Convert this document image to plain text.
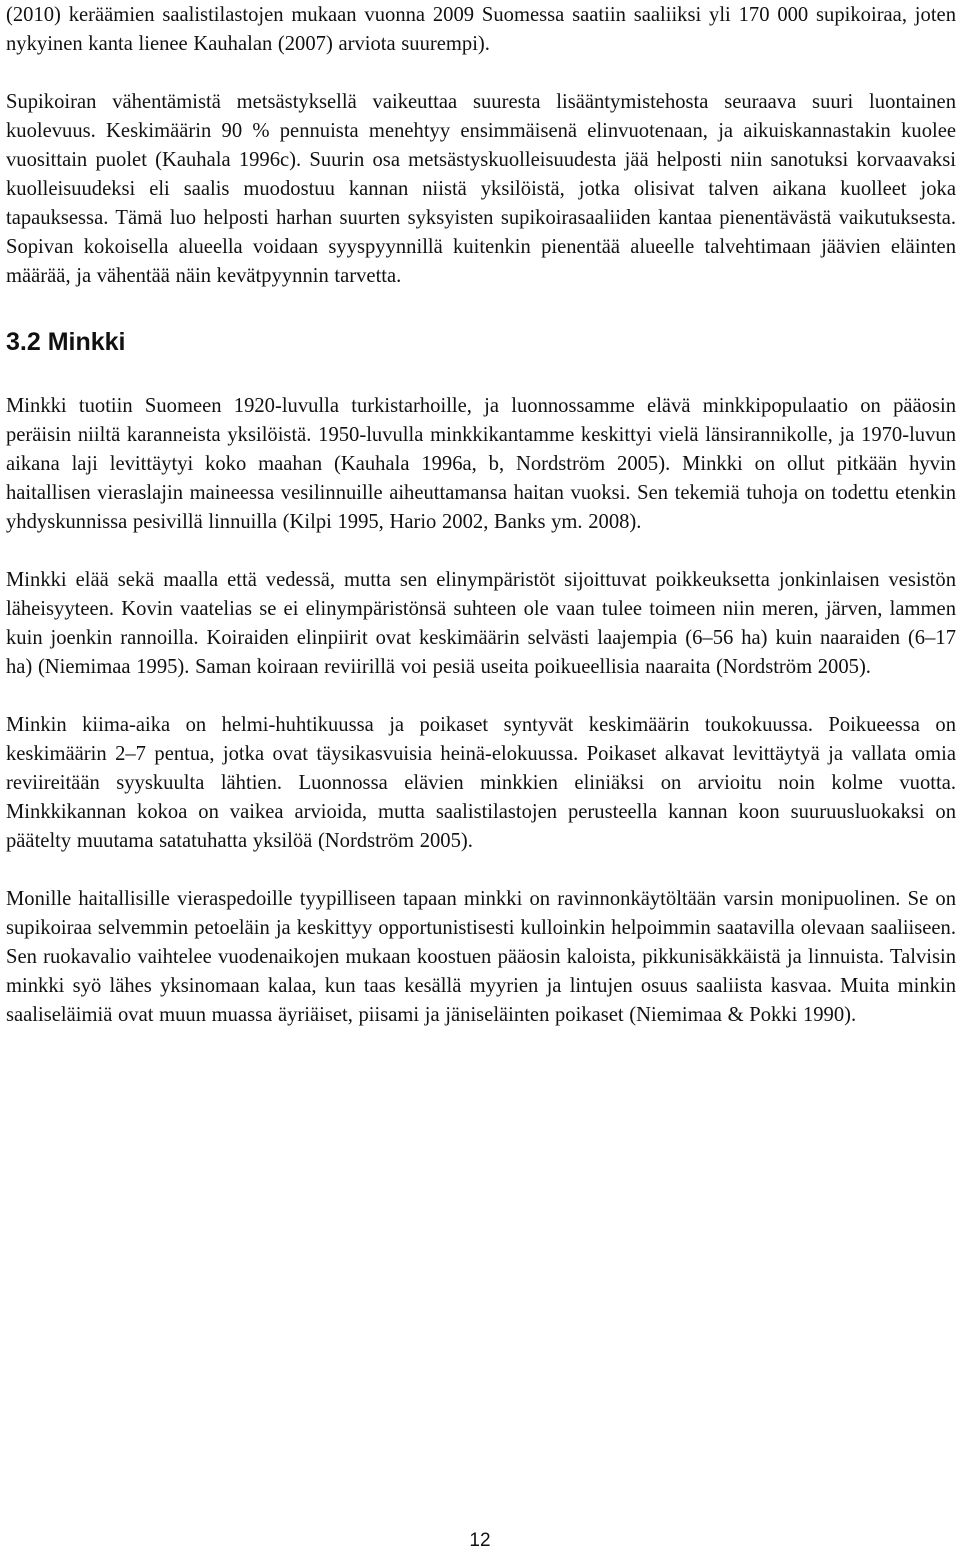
(2010) keräämien saalistilastojen mukaan vuonna 2009 Suomessa saatiin saaliiksi yli 170 000 supikoiraa, joten nykyinen kanta lienee Kauhalan (2007) arviota suurempi).

Supikoiran vähentämistä metsästyksellä vaikeuttaa suuresta lisääntymistehosta seuraava suuri luontainen kuolevuus. Keskimäärin 90 % pennuista menehtyy ensimmäisenä elinvuotenaan, ja aikuiskannastakin kuolee vuosittain puolet (Kauhala 1996c). Suurin osa metsästyskuolleisuudesta jää helposti niin sanotuksi korvaavaksi kuolleisuudeksi eli saalis muodostuu kannan niistä yksilöistä, jotka olisivat talven aikana kuolleet joka tapauksessa. Tämä luo helposti harhan suurten syksyisten supikoirasaaliiden kantaa pienentävästä vaikutuksesta. Sopivan kokoisella alueella voidaan syyspyynnillä kuitenkin pienentää alueelle talvehtimaan jäävien eläinten määrää, ja vähentää näin kevätpyynnin tarvetta.

3.2 Minkki

Minkki tuotiin Suomeen 1920-luvulla turkistarhoille, ja luonnossamme elävä minkkipopulaatio on pääosin peräisin niiltä karanneista yksilöistä. 1950-luvulla minkkikantamme keskittyi vielä länsirannikolle, ja 1970-luvun aikana laji levittäytyi koko maahan (Kauhala 1996a, b, Nordström 2005). Minkki on ollut pitkään hyvin haitallisen vieraslajin maineessa vesilinnuille aiheuttamansa haitan vuoksi. Sen tekemiä tuhoja on todettu etenkin yhdyskunnissa pesivillä linnuilla (Kilpi 1995, Hario 2002, Banks ym. 2008).

Minkki elää sekä maalla että vedessä, mutta sen elinympäristöt sijoittuvat poikkeuksetta jonkinlaisen vesistön läheisyyteen. Kovin vaatelias se ei elinympäristönsä suhteen ole vaan tulee toimeen niin meren, järven, lammen kuin joenkin rannoilla. Koiraiden elinpiirit ovat keskimäärin selvästi laajempia (6–56 ha) kuin naaraiden (6–17 ha) (Niemimaa 1995). Saman koiraan reviirillä voi pesiä useita poikueellisia naaraita (Nordström 2005).

Minkin kiima-aika on helmi-huhtikuussa ja poikaset syntyvät keskimäärin toukokuussa. Poikueessa on keskimäärin 2–7 pentua, jotka ovat täysikasvuisia heinä-elokuussa. Poikaset alkavat levittäytyä ja vallata omia reviireitään syyskuulta lähtien. Luonnossa elävien minkkien eliniäksi on arvioitu noin kolme vuotta. Minkkikannan kokoa on vaikea arvioida, mutta saalistilastojen perusteella kannan koon suuruusluokaksi on päätelty muutama satatuhatta yksilöä (Nordström 2005).

Monille haitallisille vieraspedoille tyypilliseen tapaan minkki on ravinnonkäytöltään varsin monipuolinen. Se on supikoiraa selvemmin petoeläin ja keskittyy opportunistisesti kulloinkin helpoimmin saatavilla olevaan saaliiseen. Sen ruokavalio vaihtelee vuodenaikojen mukaan koostuen pääosin kaloista, pikkunisäkkäistä ja linnuista. Talvisin minkki syö lähes yksinomaan kalaa, kun taas kesällä myyrien ja lintujen osuus saaliista kasvaa. Muita minkin saaliseläimiä ovat muun muassa äyriäiset, piisami ja jäniseläinten poikaset (Niemimaa & Pokki 1990).

12
